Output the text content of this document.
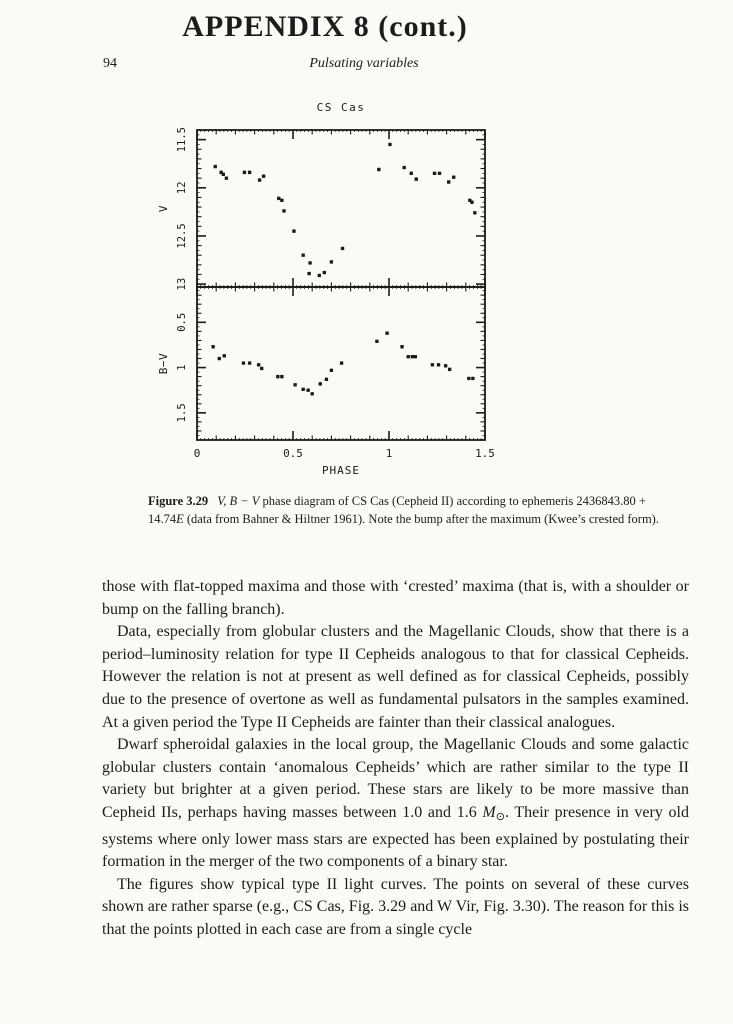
APPENDIX 8 (cont.)
94	Pulsating variables
CS Cas
11.5
12
12.5
13
V
0.5
1
1.5
B−V
0	0.5	1	1.5
PHASE
Figure 3.29 V, B − V phase diagram of CS Cas (Cepheid II) according to ephemeris 2436843.80 + 14.74E (data from Bahner & Hiltner 1961). Note the bump after the maximum (Kwee’s crested form).

those with flat-topped maxima and those with ‘crested’ maxima (that is, with a shoulder or bump on the falling branch).

Data, especially from globular clusters and the Magellanic Clouds, show that there is a period–luminosity relation for type II Cepheids analogous to that for classical Cepheids. However the relation is not at present as well defined as for classical Cepheids, possibly due to the presence of overtone as well as fundamental pulsators in the samples examined. At a given period the Type II Cepheids are fainter than their classical analogues.

Dwarf spheroidal galaxies in the local group, the Magellanic Clouds and some galactic globular clusters contain ‘anomalous Cepheids’ which are rather similar to the type II variety but brighter at a given period. These stars are likely to be more massive than Cepheid IIs, perhaps having masses between 1.0 and 1.6 $M_⊙$. Their presence in very old systems where only lower mass stars are expected has been explained by postulating their formation in the merger of the two components of a binary star.

The figures show typical type II light curves. The points on several of these curves shown are rather sparse (e.g., CS Cas, Fig. 3.29 and W Vir, Fig. 3.30). The reason for this is that the points plotted in each case are from a single cycle
